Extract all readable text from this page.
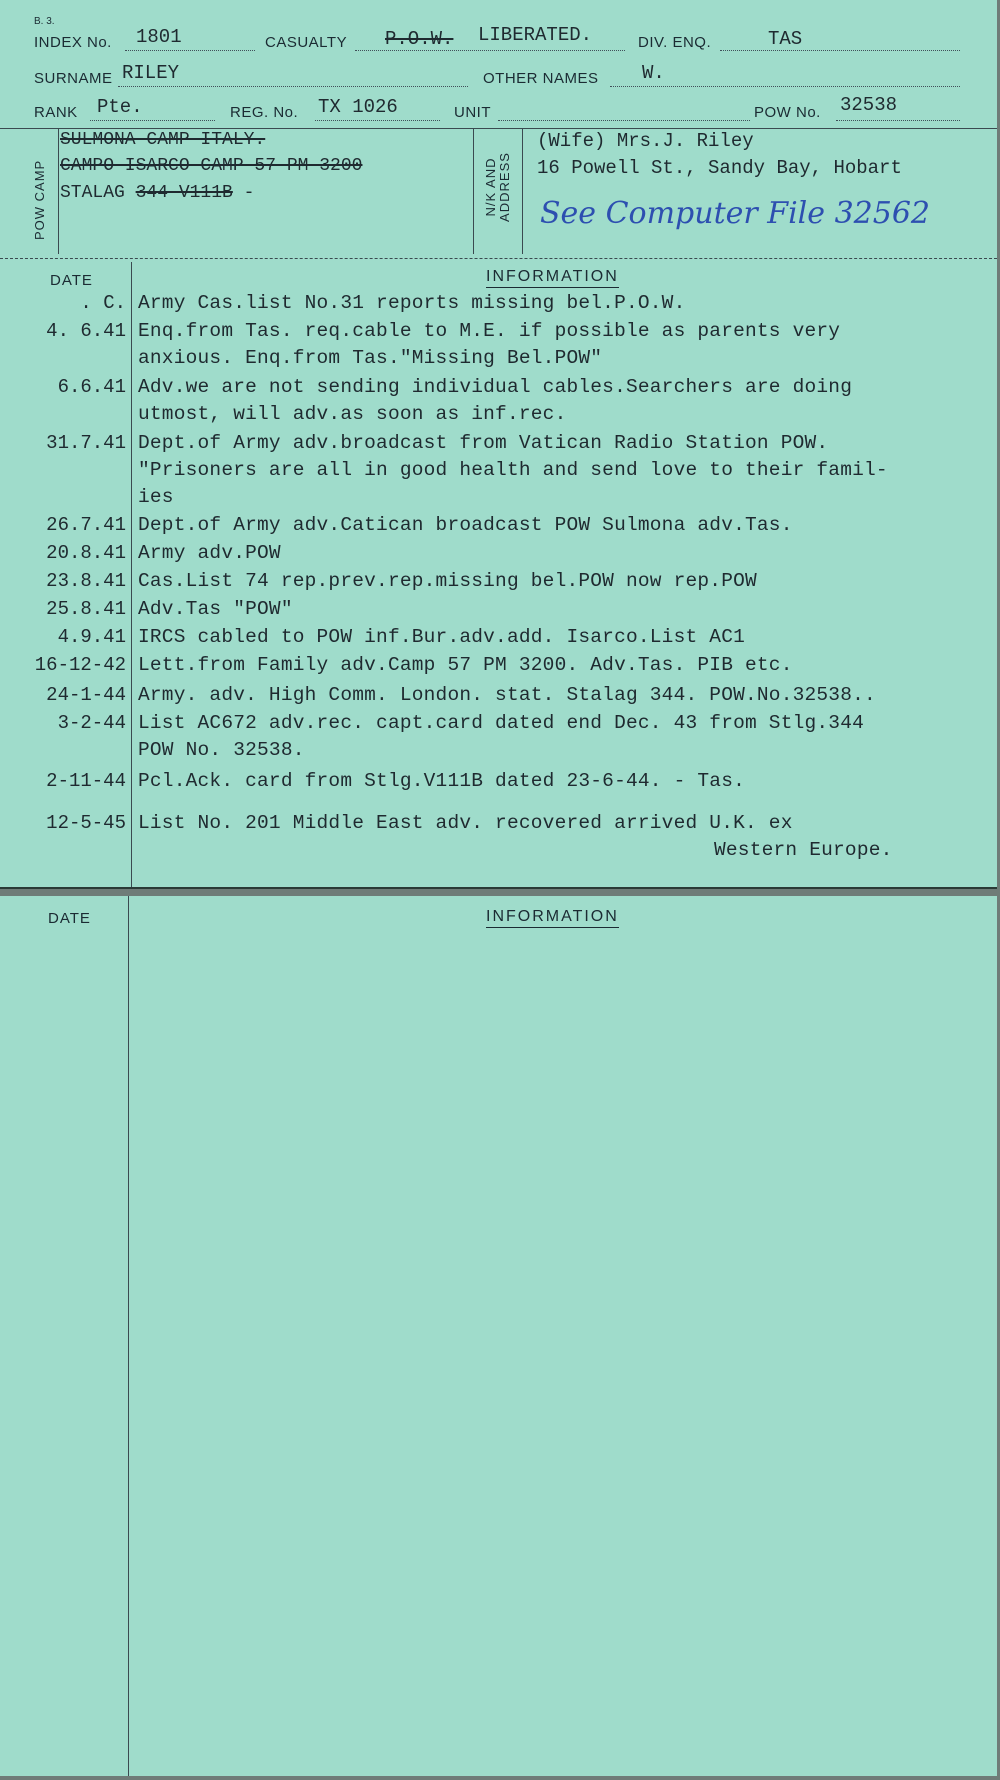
B. 3.
INDEX No. 1801	CASUALTY P.O.W. LIBERATED.	DIV. ENQ.	TAS
SURNAME RILEY	OTHER NAMES W.
RANK Pte.	REG. No. TX 1026	UNIT	POW No. 32538
POW CAMP
SULMONA CAMP ITALY.
CAMPO ISARCO CAMP 57 PM 3200
STALAG 344 V111B -	N/K AND ADDRESS
(Wife) Mrs.J. Riley
16 Powell St., Sandy Bay, Hobart
See Computer File 32562
DATE	INFORMATION
. C. Army Cas.list No.31 reports missing bel.P.O.W.
4. 6.41 Enq.from Tas. req.cable to M.E. if possible as parents very
anxious. Enq.from Tas."Missing Bel.POW"
6.6.41 Adv.we are not sending individual cables.Searchers are doing
utmost, will adv.as soon as inf.rec.
31.7.41 Dept.of Army adv.broadcast from Vatican Radio Station POW.
"Prisoners are all in good health and send love to their famil-
ies
26.7.41 Dept.of Army adv.Catican broadcast POW Sulmona adv.Tas.
20.8.41 Army adv.POW
23.8.41 Cas.List 74 rep.prev.rep.missing bel.POW now rep.POW
25.8.41 Adv.Tas "POW"
4.9.41 IRCS cabled to POW inf.Bur.adv.add. Isarco.List AC1
16-12-42 Lett.from Family adv.Camp 57 PM 3200. Adv.Tas. PIB etc.
24-1-44 Army. adv. High Comm. London. stat. Stalag 344. POW.No.32538..
3-2-44 List AC672 adv.rec. capt.card dated end Dec. 43 from Stlg.344
POW No. 32538.
2-11-44 Pcl.Ack. card from Stlg.V111B dated 23-6-44. - Tas.
12-5-45 List No. 201 Middle East adv. recovered arrived U.K. ex
Western Europe.
DATE	INFORMATION
